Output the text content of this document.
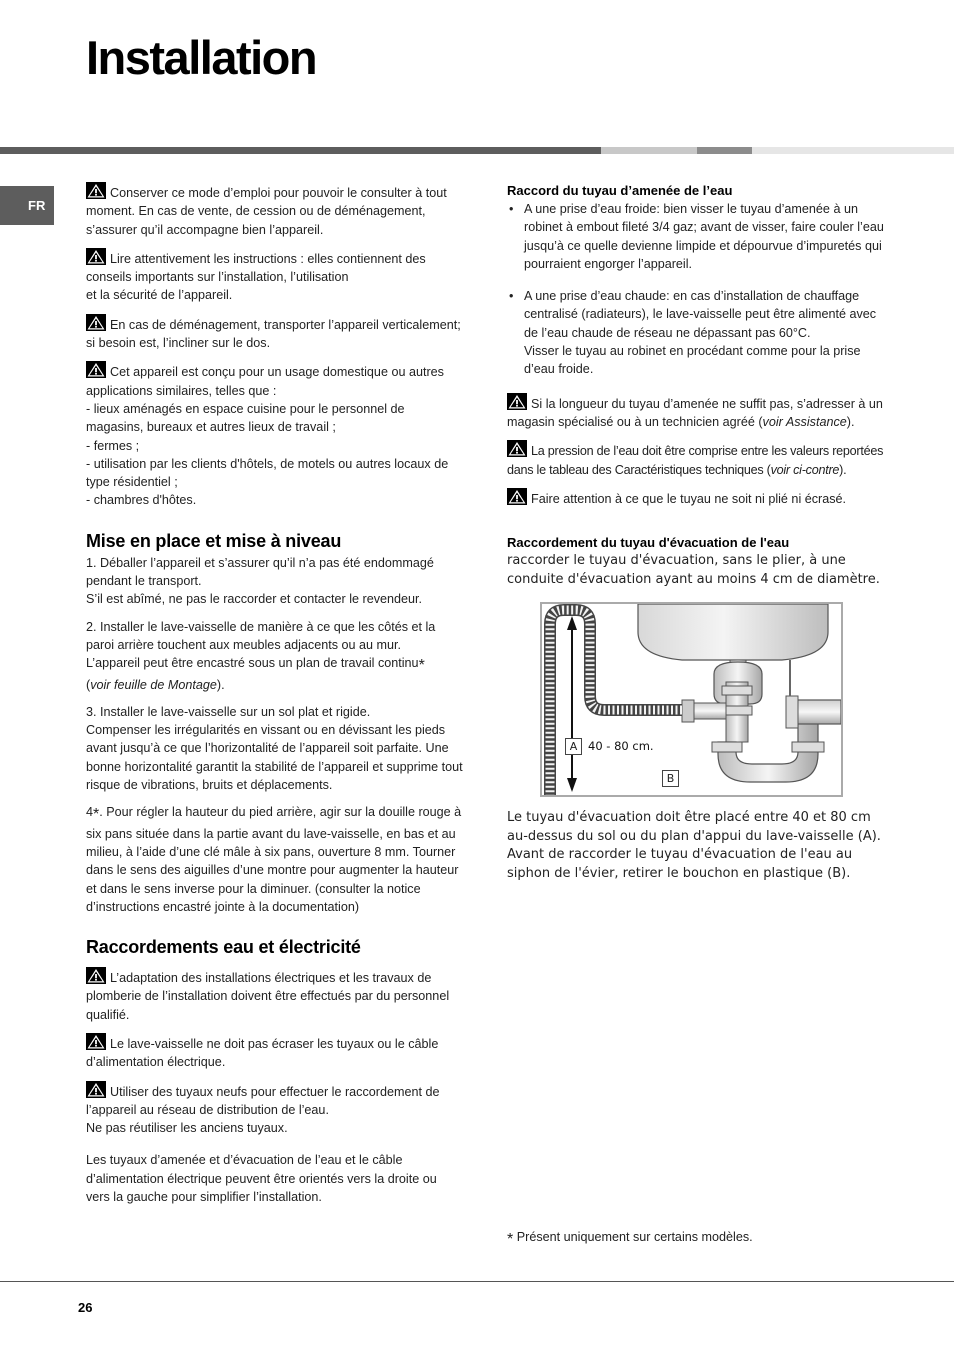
Installation
FR

Conserver ce mode d’emploi pour pouvoir le consulter à tout moment. En cas de vente, de cession ou de déménagement, s’assurer qu’il accompagne bien l’appareil.

Lire attentivement les instructions : elles contiennent des conseils importants sur l’installation, l’utilisation
et la sécurité de l’appareil.

En cas de déménagement, transporter l’appareil verticalement; si besoin est, l’incliner sur le dos.

Cet appareil est conçu pour un usage domestique ou autres applications similaires, telles que :

- lieux aménagés en espace cuisine pour le personnel de magasins, bureaux et autres lieux de travail ;

- fermes ;

- utilisation par les clients d'hôtels, de motels ou autres locaux de type résidentiel ;

- chambres d'hôtes.

Mise en place et mise à niveau

1. Déballer l’appareil et s’assurer qu’il n’a pas été endommagé pendant le transport.
S’il est abîmé, ne pas le raccorder et contacter le revendeur.

2. Installer le lave-vaisselle de manière à ce que les côtés et la paroi arrière touchent aux meubles adjacents ou au mur.
L’appareil peut être encastré sous un plan de travail continu*
(voir feuille de Montage).

3. Installer le lave-vaisselle sur un sol plat et rigide.
Compenser les irrégularités en vissant ou en dévissant les pieds avant jusqu’à ce que l’horizontalité de l’appareil soit parfaite. Une bonne horizontalité garantit la stabilité de l’appareil et supprime tout risque de vibrations, bruits et déplacements.

4*. Pour régler la hauteur du pied arrière, agir sur la douille rouge à six pans située dans la partie avant du lave-vaisselle, en bas et au milieu, à l’aide d’une clé mâle à six pans, ouverture 8 mm. Tourner dans le sens des aiguilles d’une montre pour augmenter la hauteur et dans le sens inverse pour la diminuer. (consulter la notice d’instructions encastré jointe à la documentation)

Raccordements eau et électricité

L’adaptation des installations électriques et les travaux de plomberie de l’installation doivent être effectués par du personnel qualifié.

Le lave-vaisselle ne doit pas écraser les tuyaux ou le câble d’alimentation électrique.

Utiliser des tuyaux neufs pour effectuer le raccordement de l’appareil au réseau de distribution de l’eau.
Ne pas réutiliser les anciens tuyaux.

Les tuyaux d’amenée et d’évacuation de l’eau et le câble d’alimentation électrique peuvent être orientés vers la droite ou vers la gauche pour simplifier l’installation.

Raccord du tuyau d’amenée de l’eau
• A une prise d’eau froide: bien visser le tuyau d’amenée à un robinet à embout fileté 3/4 gaz; avant de visser, faire couler l’eau jusqu’à ce quelle devienne limpide et dépourvue d’impuretés qui pourraient engorger l’appareil.
• A une prise d’eau chaude: en cas d’installation de chauffage centralisé (radiateurs), le lave-vaisselle peut être alimenté avec de l’eau chaude de réseau ne dépassant pas 60°C.
Visser le tuyau au robinet en procédant comme pour la prise d’eau froide.

Si la longueur du tuyau d’amenée ne suffit pas, s’adresser à un magasin spécialisé ou à un technicien agréé (voir Assistance).

La pression de l’eau doit être comprise entre les valeurs reportées dans le tableau des Caractéristiques techniques (voir ci-contre).

Faire attention à ce que le tuyau ne soit ni plié ni écrasé.

Raccordement du tuyau d'évacuation de l'eau

raccorder le tuyau d'évacuation, sans le plier, à une conduite d'évacuation ayant au moins 4 cm de diamètre.

A 40 - 80 cm.
B

Le tuyau d'évacuation doit être placé entre 40 et 80 cm au-dessus du sol ou du plan d'appui du lave-vaisselle (A).

Avant de raccorder le tuyau d'évacuation de l'eau au siphon de l'évier, retirer le bouchon en plastique (B).

* Présent uniquement sur certains modèles.
26
